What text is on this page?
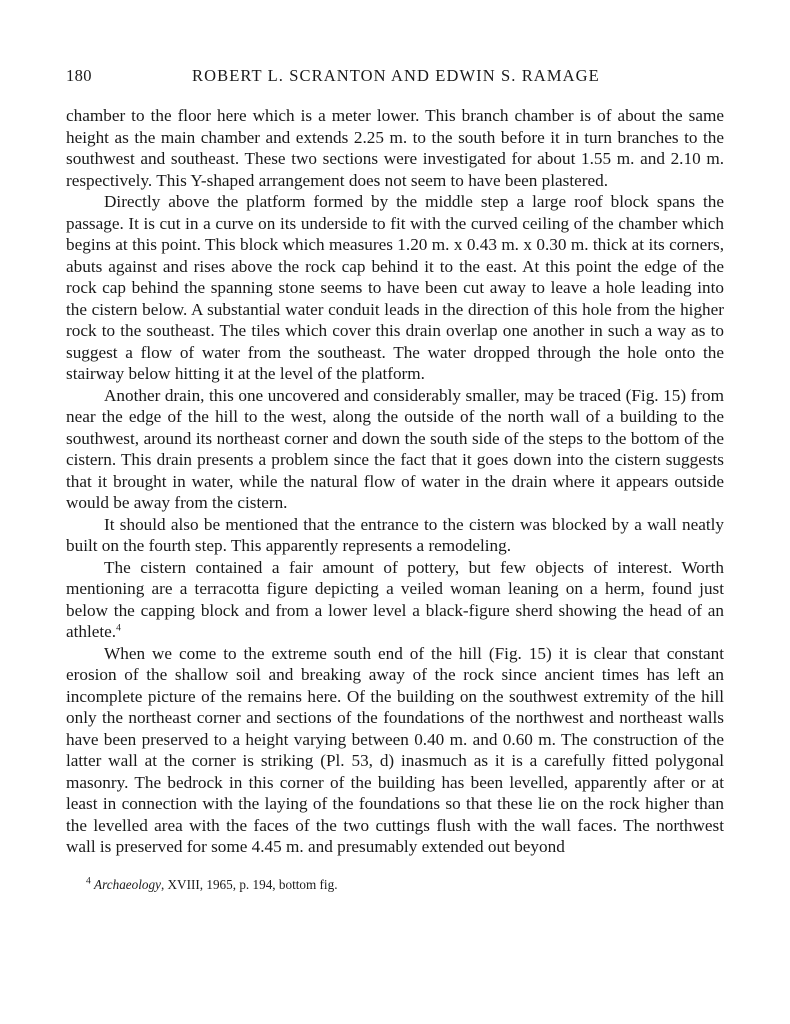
180	ROBERT L. SCRANTON AND EDWIN S. RAMAGE

chamber to the floor here which is a meter lower. This branch chamber is of about the same height as the main chamber and extends 2.25 m. to the south before it in turn branches to the southwest and southeast. These two sections were investigated for about 1.55 m. and 2.10 m. respectively. This Y-shaped arrangement does not seem to have been plastered.

Directly above the platform formed by the middle step a large roof block spans the passage. It is cut in a curve on its underside to fit with the curved ceiling of the chamber which begins at this point. This block which measures 1.20 m. x 0.43 m. x 0.30 m. thick at its corners, abuts against and rises above the rock cap behind it to the east. At this point the edge of the rock cap behind the spanning stone seems to have been cut away to leave a hole leading into the cistern below. A substantial water conduit leads in the direction of this hole from the higher rock to the southeast. The tiles which cover this drain overlap one another in such a way as to suggest a flow of water from the southeast. The water dropped through the hole onto the stairway below hitting it at the level of the platform.

Another drain, this one uncovered and considerably smaller, may be traced (Fig. 15) from near the edge of the hill to the west, along the outside of the north wall of a building to the southwest, around its northeast corner and down the south side of the steps to the bottom of the cistern. This drain presents a problem since the fact that it goes down into the cistern suggests that it brought in water, while the natural flow of water in the drain where it appears outside would be away from the cistern.

It should also be mentioned that the entrance to the cistern was blocked by a wall neatly built on the fourth step. This apparently represents a remodeling.

The cistern contained a fair amount of pottery, but few objects of interest. Worth mentioning are a terracotta figure depicting a veiled woman leaning on a herm, found just below the capping block and from a lower level a black-figure sherd showing the head of an athlete.$^4$

When we come to the extreme south end of the hill (Fig. 15) it is clear that constant erosion of the shallow soil and breaking away of the rock since ancient times has left an incomplete picture of the remains here. Of the building on the southwest extremity of the hill only the northeast corner and sections of the foundations of the northwest and northeast walls have been preserved to a height varying between 0.40 m. and 0.60 m. The construction of the latter wall at the corner is striking (Pl. 53, d) inasmuch as it is a carefully fitted polygonal masonry. The bedrock in this corner of the building has been levelled, apparently after or at least in connection with the laying of the foundations so that these lie on the rock higher than the levelled area with the faces of the two cuttings flush with the wall faces. The northwest wall is preserved for some 4.45 m. and presumably extended out beyond

$^4$ Archaeology, XVIII, 1965, p. 194, bottom fig.
